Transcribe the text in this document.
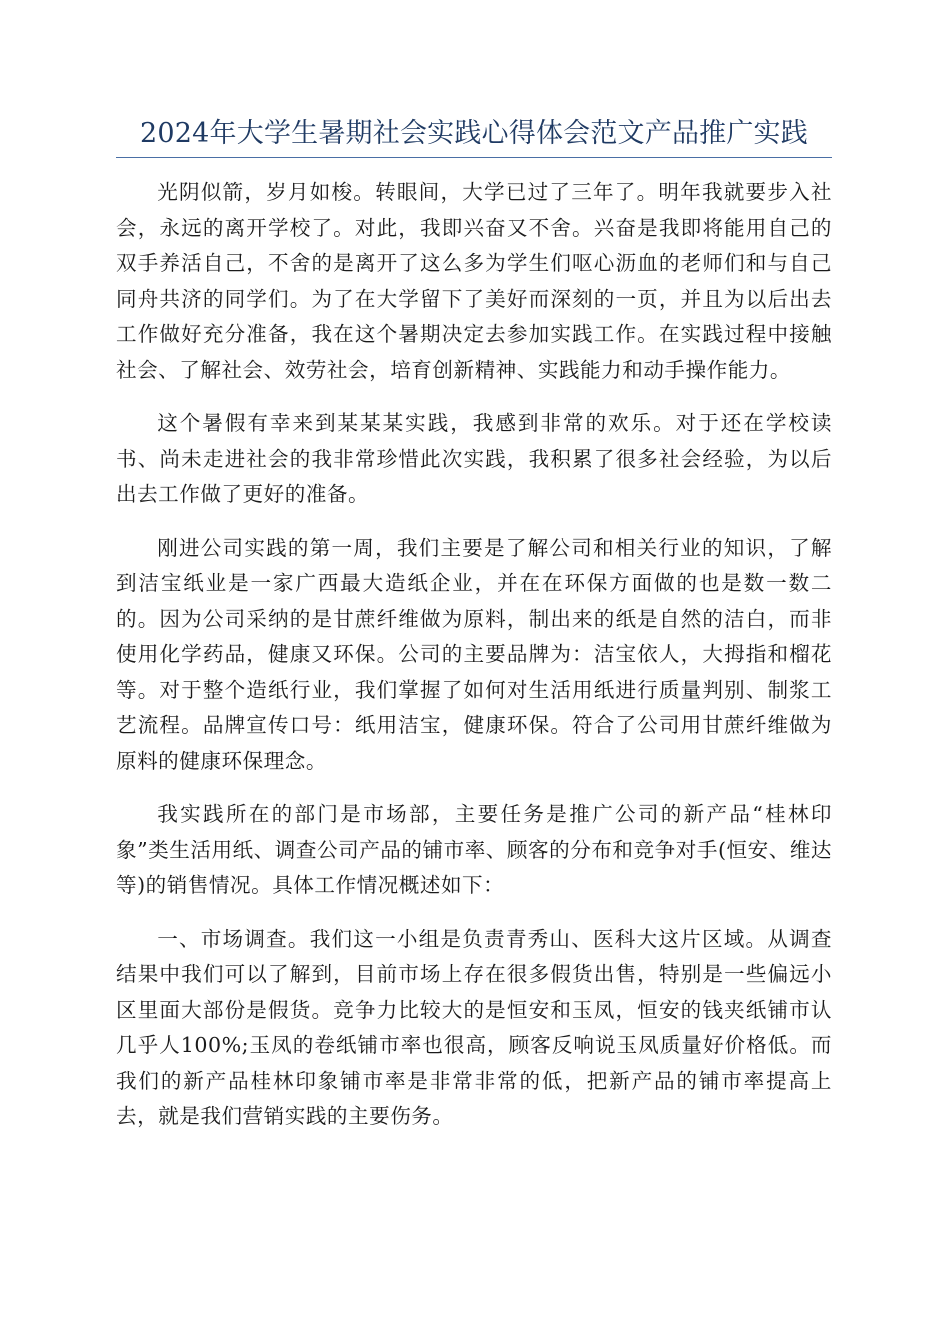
2024年大学生暑期社会实践心得体会范文产品推广实践

光阴似箭，岁月如梭。转眼间，大学已过了三年了。明年我就要步入社会，永远的离开学校了。对此，我即兴奋又不舍。兴奋是我即将能用自己的双手养活自己，不舍的是离开了这么多为学生们呕心沥血的老师们和与自己同舟共济的同学们。为了在大学留下了美好而深刻的一页，并且为以后出去工作做好充分准备，我在这个暑期决定去参加实践工作。在实践过程中接触社会、了解社会、效劳社会，培育创新精神、实践能力和动手操作能力。

这个暑假有幸来到某某某实践，我感到非常的欢乐。对于还在学校读书、尚未走进社会的我非常珍惜此次实践，我积累了很多社会经验，为以后出去工作做了更好的准备。

刚进公司实践的第一周，我们主要是了解公司和相关行业的知识，了解到洁宝纸业是一家广西最大造纸企业，并在在环保方面做的也是数一数二的。因为公司采纳的是甘蔗纤维做为原料，制出来的纸是自然的洁白，而非使用化学药品，健康又环保。公司的主要品牌为：洁宝依人，大拇指和榴花等。对于整个造纸行业，我们掌握了如何对生活用纸进行质量判别、制浆工艺流程。品牌宣传口号：纸用洁宝，健康环保。符合了公司用甘蔗纤维做为原料的健康环保理念。

我实践所在的部门是市场部，主要任务是推广公司的新产品“桂林印象”类生活用纸、调查公司产品的铺市率、顾客的分布和竞争对手(恒安、维达等)的销售情况。具体工作情况概述如下：

一、市场调查。我们这一小组是负责青秀山、医科大这片区域。从调查结果中我们可以了解到，目前市场上存在很多假货出售，特别是一些偏远小区里面大部份是假货。竞争力比较大的是恒安和玉凤，恒安的钱夹纸铺市认几乎人100%;玉凤的卷纸铺市率也很高，顾客反响说玉凤质量好价格低。而我们的新产品桂林印象铺市率是非常非常的低，把新产品的铺市率提高上去，就是我们营销实践的主要伤务。
